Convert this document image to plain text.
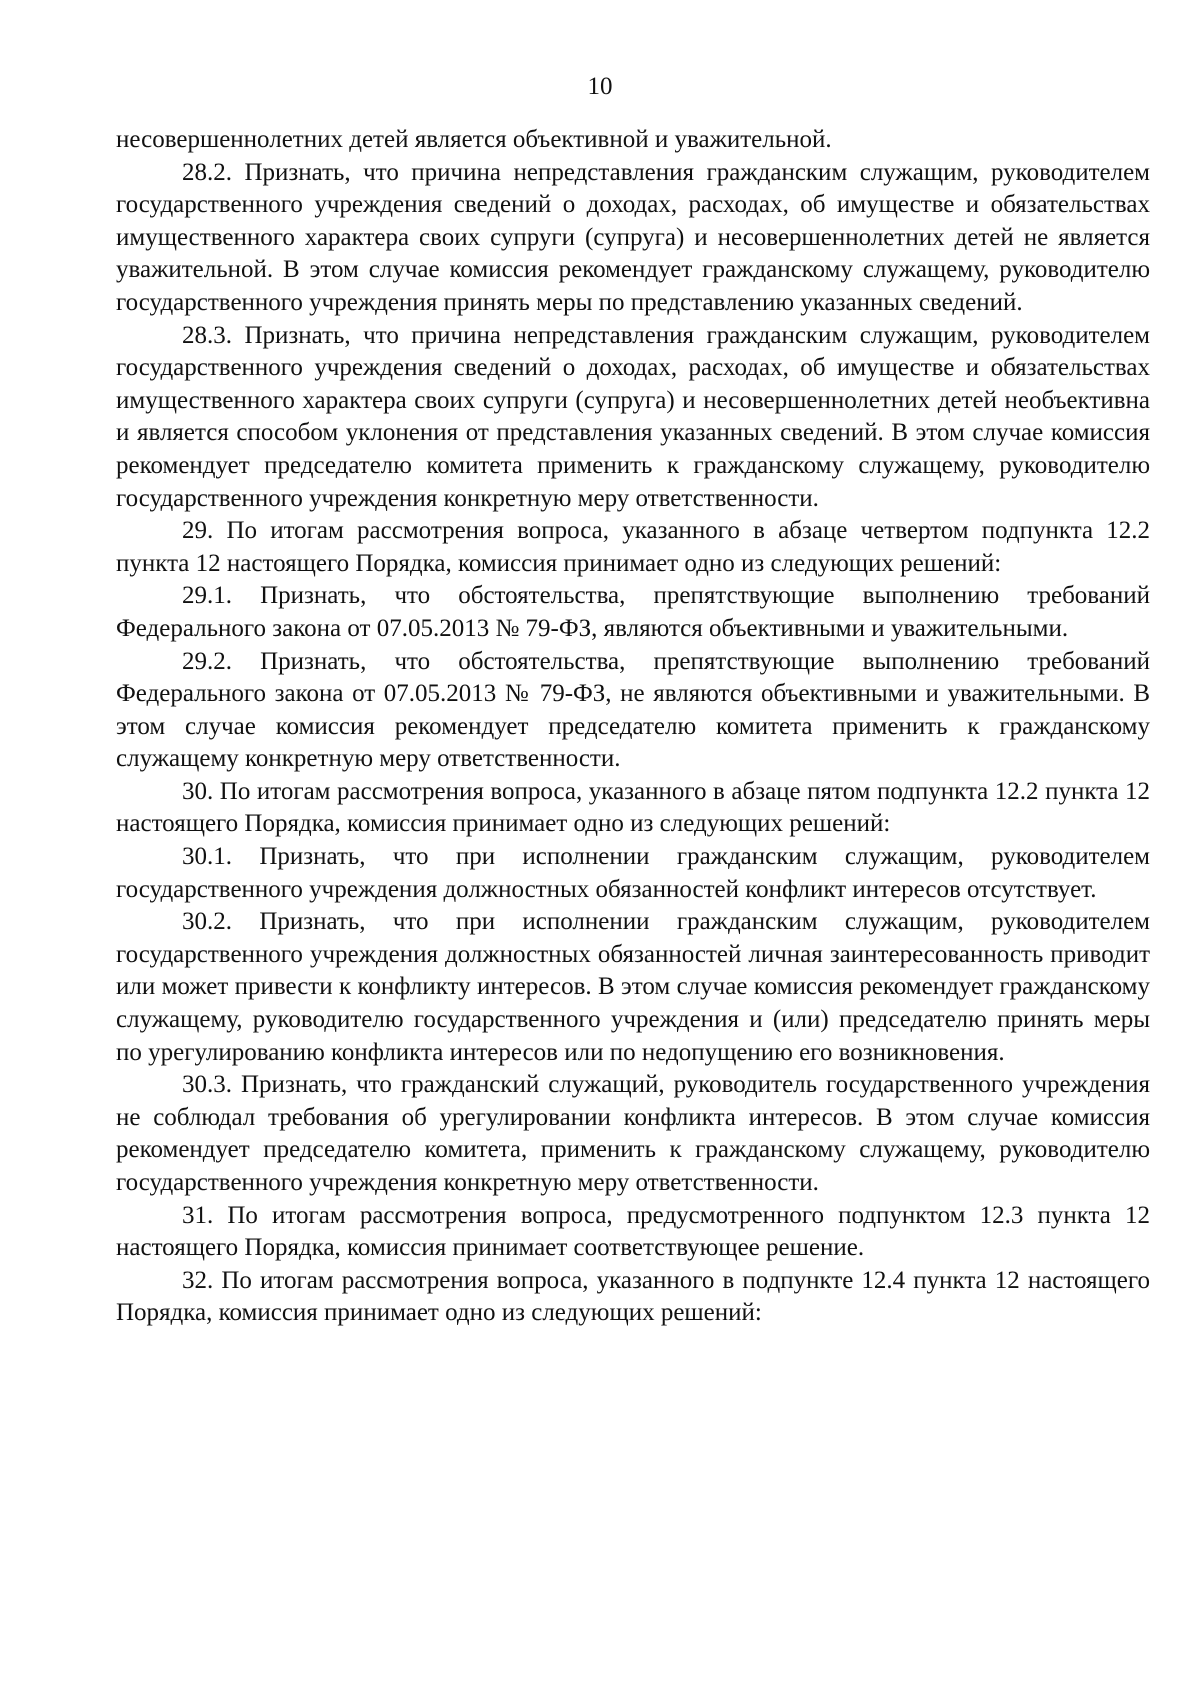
10

несовершеннолетних детей является объективной и уважительной.

28.2. Признать, что причина непредставления гражданским служащим, руководителем государственного учреждения сведений о доходах, расходах, об имуществе и обязательствах имущественного характера своих супруги (супруга) и несовершеннолетних детей не является уважительной. В этом случае комиссия рекомендует гражданскому служащему, руководителю государственного учреждения принять меры по представлению указанных сведений.

28.3. Признать, что причина непредставления гражданским служащим, руководителем государственного учреждения сведений о доходах, расходах, об имуществе и обязательствах имущественного характера своих супруги (супруга) и несовершеннолетних детей необъективна и является способом уклонения от представления указанных сведений. В этом случае комиссия рекомендует председателю комитета применить к гражданскому служащему, руководителю государственного учреждения конкретную меру ответственности.

29. По итогам рассмотрения вопроса, указанного в абзаце четвертом подпункта 12.2 пункта 12 настоящего Порядка, комиссия принимает одно из следующих решений:

29.1. Признать, что обстоятельства, препятствующие выполнению требований Федерального закона от 07.05.2013 № 79-ФЗ, являются объективными и уважительными.

29.2. Признать, что обстоятельства, препятствующие выполнению требований Федерального закона от 07.05.2013 № 79-ФЗ, не являются объективными и уважительными. В этом случае комиссия рекомендует председателю комитета применить к гражданскому служащему конкретную меру ответственности.

30. По итогам рассмотрения вопроса, указанного в абзаце пятом подпункта 12.2 пункта 12 настоящего Порядка, комиссия принимает одно из следующих решений:

30.1. Признать, что при исполнении гражданским служащим, руководителем государственного учреждения должностных обязанностей конфликт интересов отсутствует.

30.2. Признать, что при исполнении гражданским служащим, руководителем государственного учреждения должностных обязанностей личная заинтересованность приводит или может привести к конфликту интересов. В этом случае комиссия рекомендует гражданскому служащему, руководителю государственного учреждения и (или) председателю принять меры по урегулированию конфликта интересов или по недопущению его возникновения.

30.3. Признать, что гражданский служащий, руководитель государственного учреждения не соблюдал требования об урегулировании конфликта интересов. В этом случае комиссия рекомендует председателю комитета, применить к гражданскому служащему, руководителю государственного учреждения конкретную меру ответственности.

31. По итогам рассмотрения вопроса, предусмотренного подпунктом 12.3 пункта 12 настоящего Порядка, комиссия принимает соответствующее решение.

32. По итогам рассмотрения вопроса, указанного в подпункте 12.4 пункта 12 настоящего Порядка, комиссия принимает одно из следующих решений:
